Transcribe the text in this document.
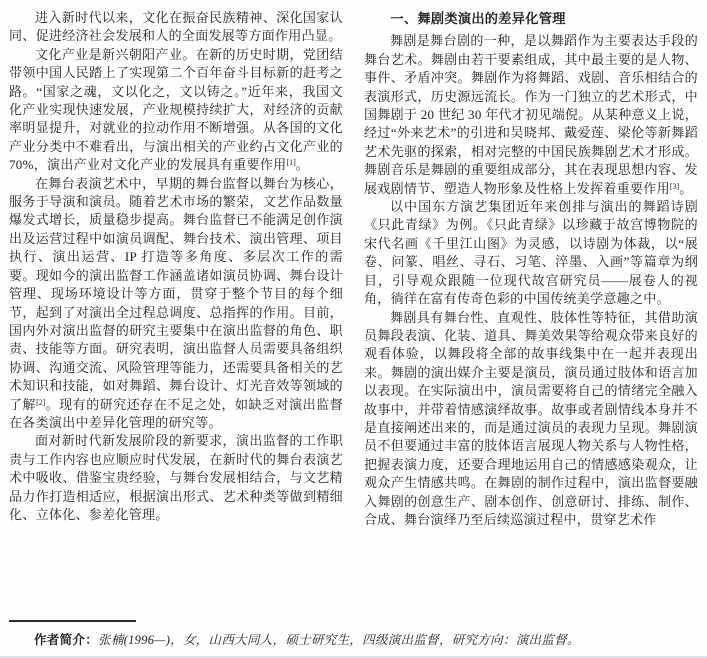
进入新时代以来，文化在振奋民族精神、深化国家认同、促进经济社会发展和人的全面发展等方面作用凸显。

文化产业是新兴朝阳产业。在新的历史时期，党团结带领中国人民踏上了实现第二个百年奋斗目标新的赶考之路。“国家之魂，文以化之，文以铸之。”近年来，我国文化产业实现快速发展，产业规模持续扩大，对经济的贡献率明显提升，对就业的拉动作用不断增强。从各国的文化产业分类中不难看出，与演出相关的产业约占文化产业的 70%，演出产业对文化产业的发展具有重要作用[1]。

在舞台表演艺术中，早期的舞台监督以舞台为核心，服务于导演和演员。随着艺术市场的繁荣，文艺作品数量爆发式增长，质量稳步提高。舞台监督已不能满足创作演出及运营过程中如演员调配、舞台技术、演出管理、项目执行、演出运营、IP 打造等多角度、多层次工作的需要。现如今的演出监督工作涵盖诸如演员协调、舞台设计管理、现场环境设计等方面，贯穿于整个节目的每个细节，起到了对演出全过程总调度、总指挥的作用。目前，国内外对演出监督的研究主要集中在演出监督的角色、职责、技能等方面。研究表明，演出监督人员需要具备组织协调、沟通交流、风险管理等能力，还需要具备相关的艺术知识和技能，如对舞蹈、舞台设计、灯光音效等领域的了解[2]。现有的研究还存在不足之处，如缺乏对演出监督在各类演出中差异化管理的研究等。

面对新时代新发展阶段的新要求，演出监督的工作职责与工作内容也应顺应时代发展，在新时代的舞台表演艺术中吸收、借鉴宝贵经验，与舞台发展相结合，与文艺精品力作打造相适应，根据演出形式、艺术种类等做到精细化、立体化、参差化管理。

一、舞剧类演出的差异化管理

舞剧是舞台剧的一种，是以舞蹈作为主要表达手段的舞台艺术。舞剧由若干要素组成，其中最主要的是人物、事件、矛盾冲突。舞剧作为将舞蹈、戏剧、音乐相结合的表演形式，历史源远流长。作为一门独立的艺术形式，中国舞剧于 20 世纪 30 年代才初见端倪。从某种意义上说，经过“外来艺术”的引进和吴晓邦、戴爱莲、梁伦等新舞蹈艺术先驱的探索，相对完整的中国民族舞剧艺术才形成。舞剧音乐是舞剧的重要组成部分，其在表现思想内容、发展戏剧情节、塑造人物形象及性格上发挥着重要作用[3]。

以中国东方演艺集团近年来创排与演出的舞蹈诗剧《只此青绿》为例。《只此青绿》以珍藏于故宫博物院的宋代名画《千里江山图》为灵感，以诗剧为体裁，以“展卷、问篆、唱丝、寻石、习笔、淬墨、入画”等篇章为纲目，引导观众跟随一位现代故宫研究员——展卷人的视角，徜徉在富有传奇色彩的中国传统美学意趣之中。

舞剧具有舞台性、直观性、肢体性等特征，其借助演员舞段表演、化装、道具、舞美效果等给观众带来良好的观看体验，以舞段将全部的故事线集中在一起并表现出来。舞剧的演出媒介主要是演员，演员通过肢体和语言加以表现。在实际演出中，演员需要将自己的情绪完全融入故事中，并带着情感演绎故事。故事或者剧情线本身并不是直接阐述出来的，而是通过演员的表现力呈现。舞剧演员不但要通过丰富的肢体语言展现人物关系与人物性格，把握表演力度，还要合理地运用自己的情感感染观众，让观众产生情感共鸣。在舞剧的制作过程中，演出监督要融入舞剧的创意生产、剧本创作、创意研讨、排练、制作、合成、舞台演绎乃至后续巡演过程中，贯穿艺术作

作者简介：张楠(1996—)，女，山西大同人，硕士研究生，四级演出监督，研究方向：演出监督。
